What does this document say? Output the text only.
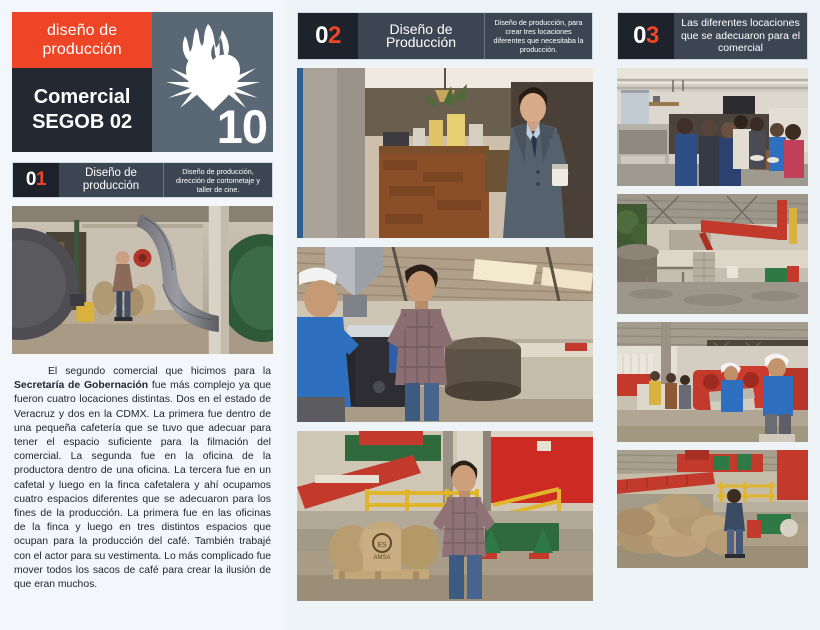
diseño de
producción
Comercial
SEGOB 02 10
0 1	Diseño de
producción
Diseño de producción, dirección de cortometaje y taller de cine.
El segundo comercial que hicimos para la Secretaría de Gobernación fue más complejo ya que fueron cuatro locaciones distintas. Dos en el estado de Veracruz y dos en la CDMX. La primera fue dentro de una pequeña cafetería que se tuvo que adecuar para tener el espacio suficiente para la filmación del comercial. La segunda fue en la oficina de la productora dentro de una oficina. La tercera fue en un cafetal y luego en la finca cafetalera y ahí ocupamos cuatro espacios diferentes que se adecuaron para los fines de la producción. La primera fue en las oficinas de la finca y luego en tres distintos espacios que ocupan para la producción del café. También trabajé con el actor para su vestimenta. Lo más complicado fue mover todos los sacos de café para crear la ilusión de que eran muchos.
0 2	Diseño de Producción
Diseño de producción, para crear tres locaciones diferentes que necesitaba la producción.
ES
AMSA
0 3	Las diferentes locaciones que se adecuaron para el comercial
